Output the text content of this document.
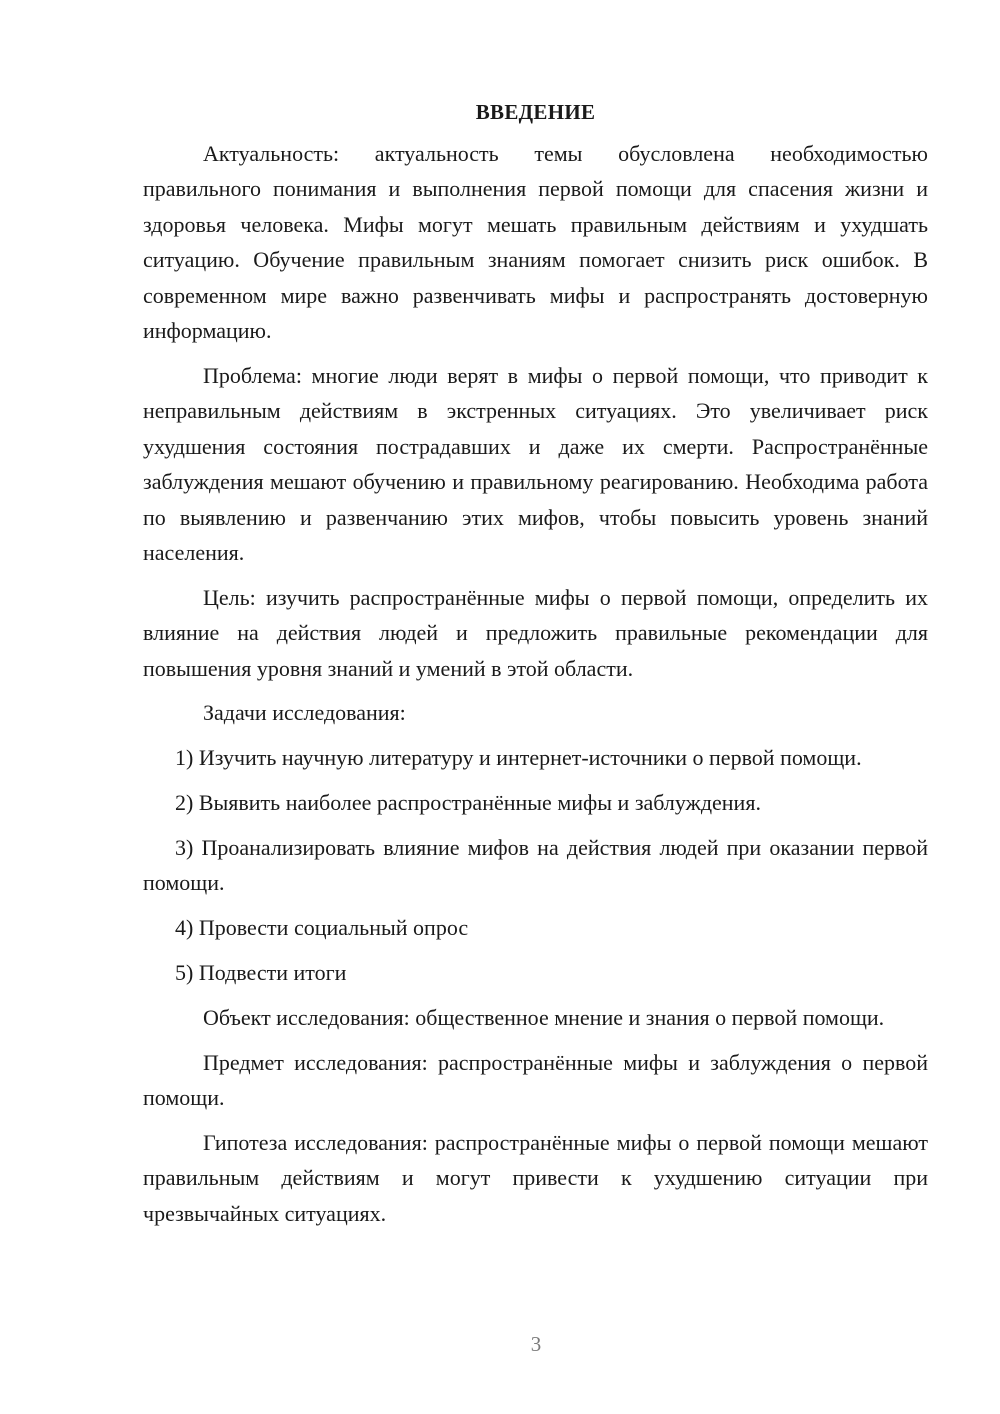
ВВЕДЕНИЕ

Актуальность: актуальность темы обусловлена необходимостью правильного понимания и выполнения первой помощи для спасения жизни и здоровья человека. Мифы могут мешать правильным действиям и ухудшать ситуацию. Обучение правильным знаниям помогает снизить риск ошибок. В современном мире важно развенчивать мифы и распространять достоверную информацию.

Проблема: многие люди верят в мифы о первой помощи, что приводит к неправильным действиям в экстренных ситуациях. Это увеличивает риск ухудшения состояния пострадавших и даже их смерти. Распространённые заблуждения мешают обучению и правильному реагированию. Необходима работа по выявлению и развенчанию этих мифов, чтобы повысить уровень знаний населения.

Цель: изучить распространённые мифы о первой помощи, определить их влияние на действия людей и предложить правильные рекомендации для повышения уровня знаний и умений в этой области.

Задачи исследования:

1) Изучить научную литературу и интернет-источники о первой помощи.

2) Выявить наиболее распространённые мифы и заблуждения.

3) Проанализировать влияние мифов на действия людей при оказании первой помощи.

4) Провести социальный опрос

5) Подвести итоги

Объект исследования: общественное мнение и знания о первой помощи.

Предмет исследования: распространённые мифы и заблуждения о первой помощи.

Гипотеза исследования: распространённые мифы о первой помощи мешают правильным действиям и могут привести к ухудшению ситуации при чрезвычайных ситуациях.

3
